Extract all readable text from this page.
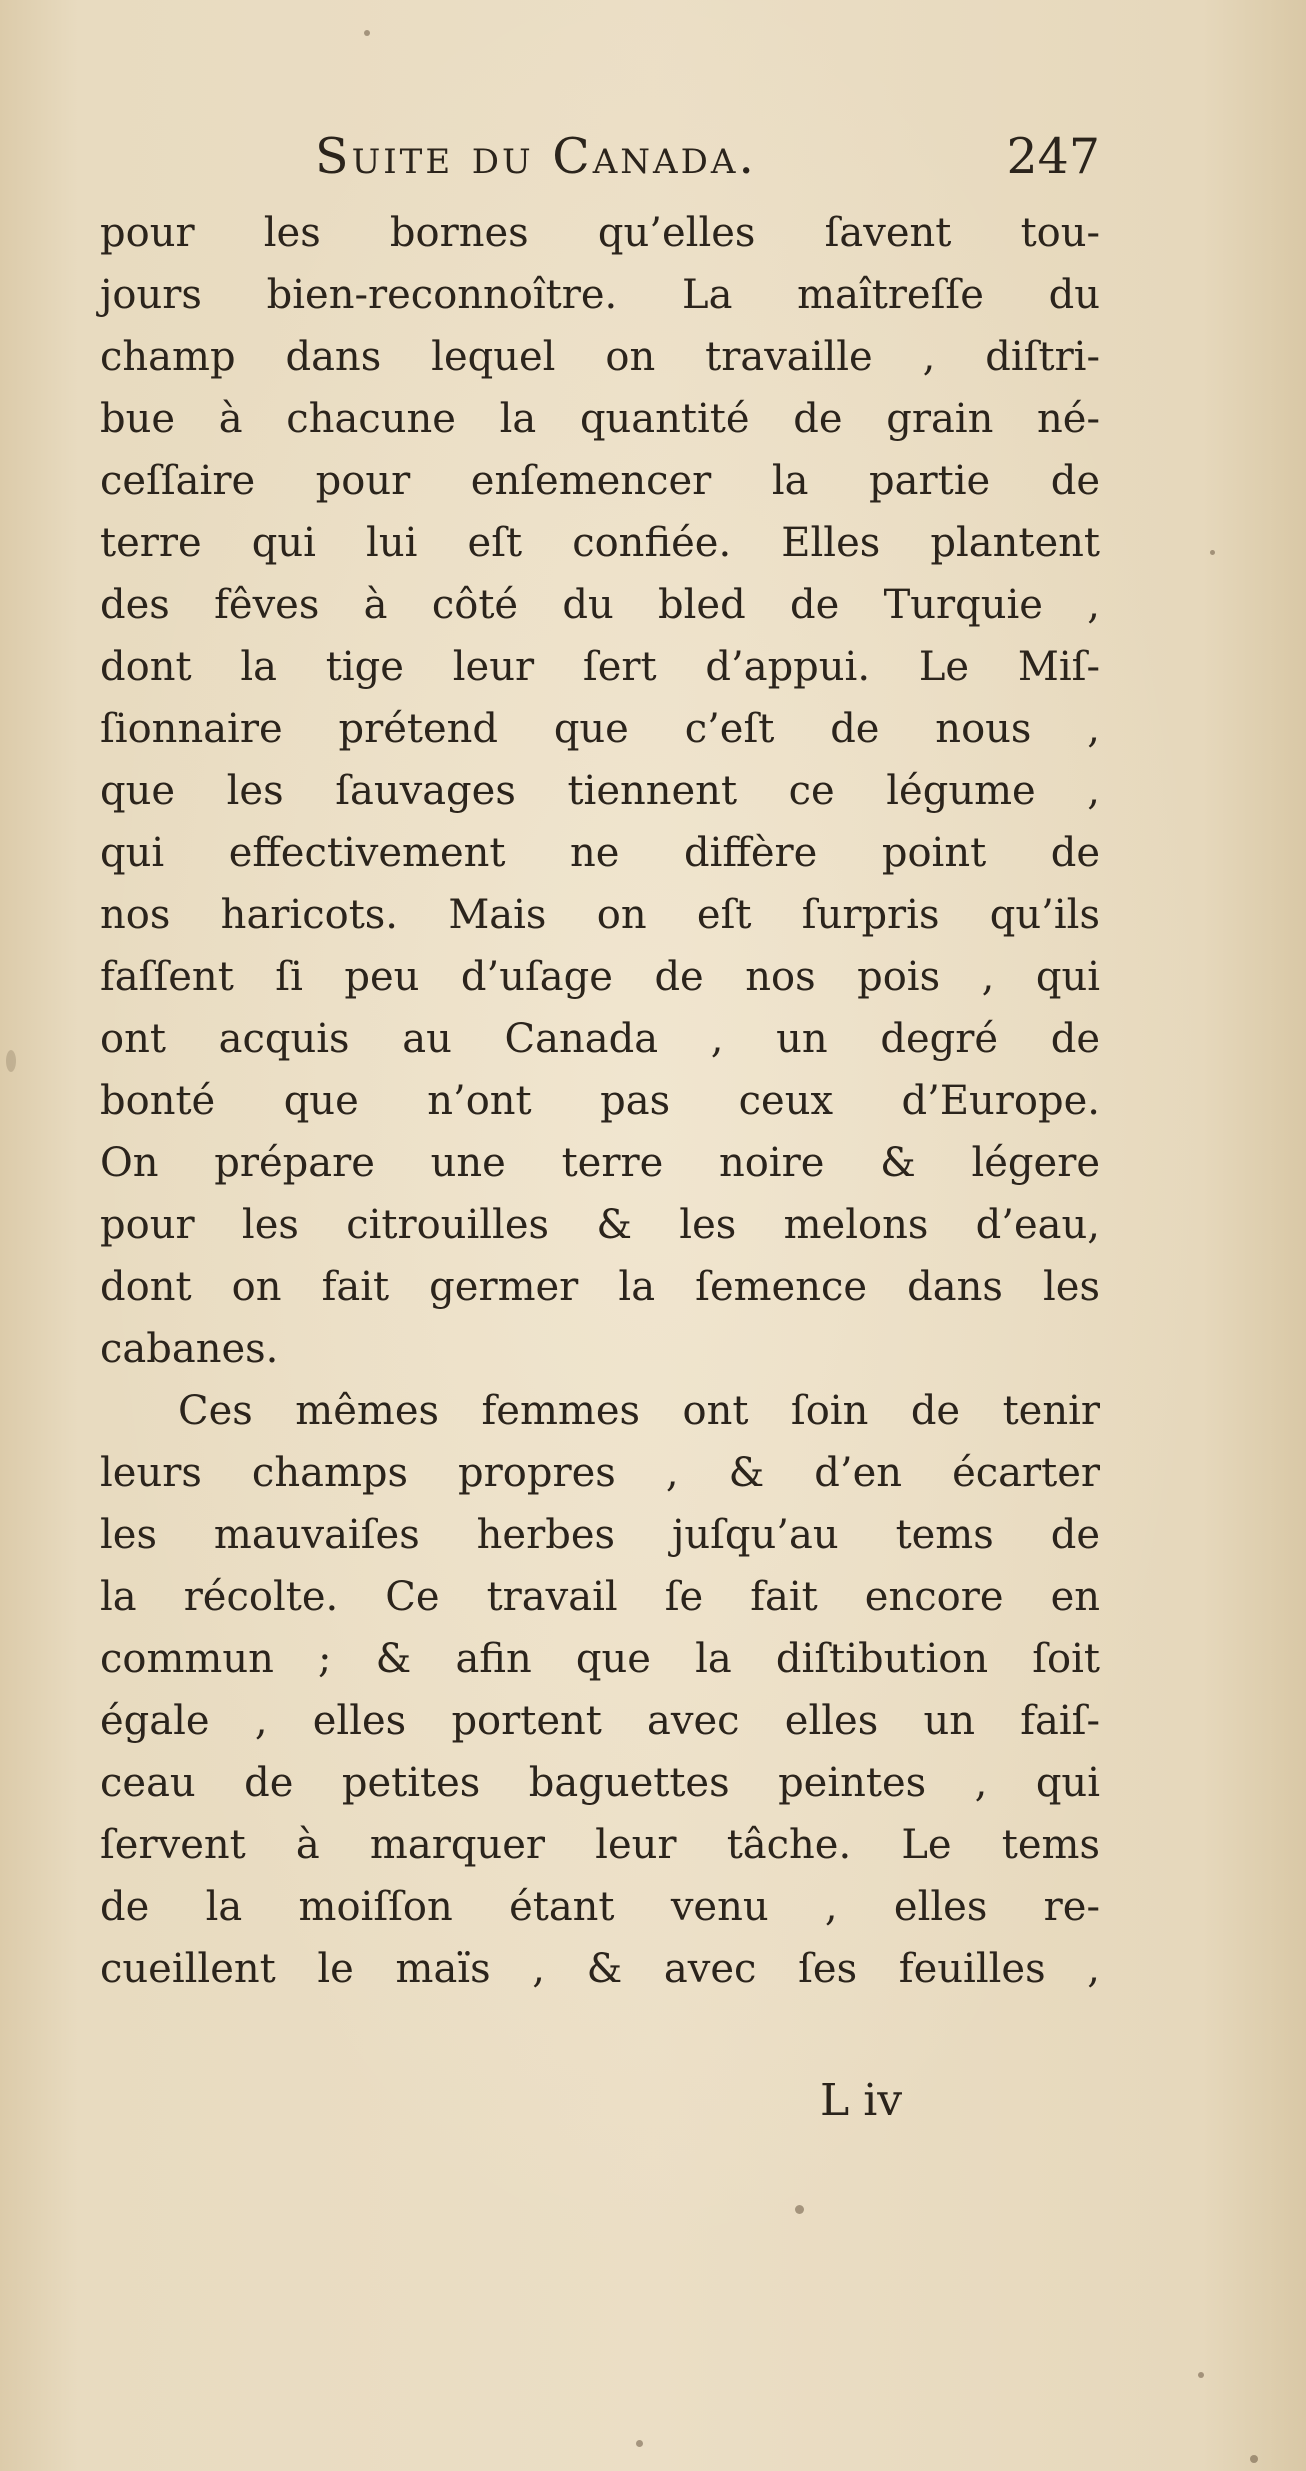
Suite du Canada.	247

pour les bornes qu’elles ſavent tou-
jours bien-reconnoître. La maîtreſſe du
champ dans lequel on travaille , diſtri-
bue à chacune la quantité de grain né-
ceſſaire pour enſemencer la partie de
terre qui lui eſt confiée. Elles plantent
des fêves à côté du bled de Turquie ,
dont la tige leur ſert d’appui. Le Miſ-
ſionnaire prétend que c’eſt de nous ,
que les ſauvages tiennent ce légume ,
qui effectivement ne diffère point de
nos haricots. Mais on eſt ſurpris qu’ils
faſſent ſi peu d’uſage de nos pois , qui
ont acquis au Canada , un degré de
bonté que n’ont pas ceux d’Europe.
On prépare une terre noire & légere
pour les citrouilles & les melons d’eau,
dont on fait germer la ſemence dans les
cabanes.

Ces mêmes femmes ont ſoin de tenir
leurs champs propres , & d’en écarter
les mauvaiſes herbes juſqu’au tems de
la récolte. Ce travail ſe fait encore en
commun ; & afin que la diſtibution ſoit
égale , elles portent avec elles un faiſ-
ceau de petites baguettes peintes , qui
ſervent à marquer leur tâche. Le tems
de la moiſſon étant venu , elles re-
cueillent le maïs , & avec ſes feuilles ,

L iv
